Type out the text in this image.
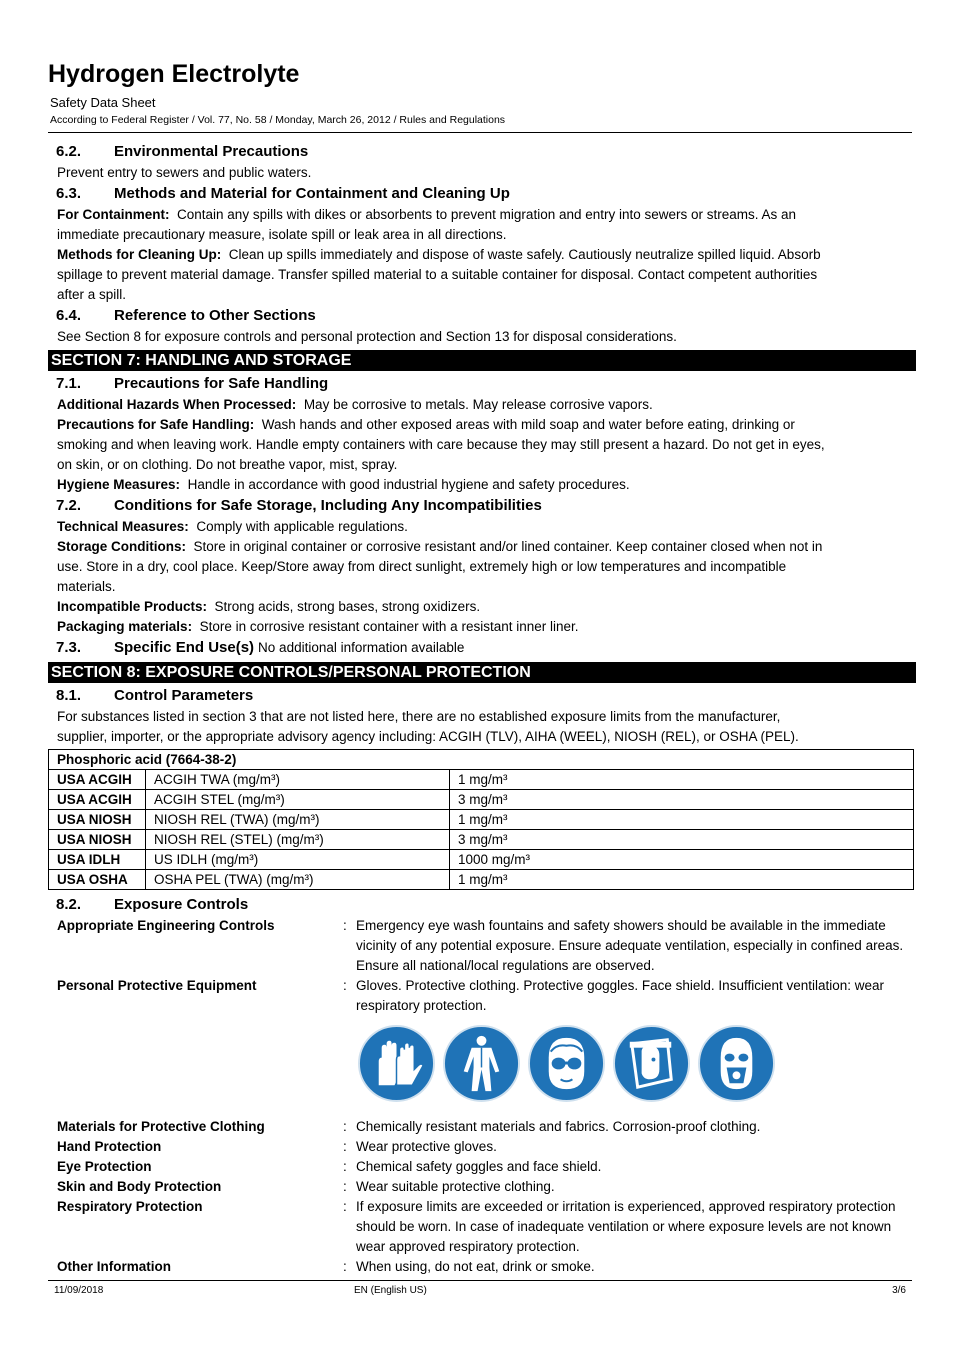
Hydrogen Electrolyte
Safety Data Sheet
According to Federal Register / Vol. 77, No. 58 / Monday, March 26, 2012 / Rules and Regulations
6.2. Environmental Precautions
Prevent entry to sewers and public waters.
6.3. Methods and Material for Containment and Cleaning Up
For Containment: Contain any spills with dikes or absorbents to prevent migration and entry into sewers or streams. As an
immediate precautionary measure, isolate spill or leak area in all directions.
Methods for Cleaning Up: Clean up spills immediately and dispose of waste safely. Cautiously neutralize spilled liquid. Absorb
spillage to prevent material damage. Transfer spilled material to a suitable container for disposal. Contact competent authorities
after a spill.
6.4. Reference to Other Sections
See Section 8 for exposure controls and personal protection and Section 13 for disposal considerations.
SECTION 7: HANDLING AND STORAGE
7.1. Precautions for Safe Handling
Additional Hazards When Processed: May be corrosive to metals. May release corrosive vapors.
Precautions for Safe Handling: Wash hands and other exposed areas with mild soap and water before eating, drinking or
smoking and when leaving work. Handle empty containers with care because they may still present a hazard. Do not get in eyes,
on skin, or on clothing. Do not breathe vapor, mist, spray.
Hygiene Measures: Handle in accordance with good industrial hygiene and safety procedures.
7.2. Conditions for Safe Storage, Including Any Incompatibilities
Technical Measures: Comply with applicable regulations.
Storage Conditions: Store in original container or corrosive resistant and/or lined container. Keep container closed when not in
use. Store in a dry, cool place. Keep/Store away from direct sunlight, extremely high or low temperatures and incompatible
materials.
Incompatible Products: Strong acids, strong bases, strong oxidizers.
Packaging materials: Store in corrosive resistant container with a resistant inner liner.
7.3. Specific End Use(s) No additional information available
SECTION 8: EXPOSURE CONTROLS/PERSONAL PROTECTION
8.1. Control Parameters
For substances listed in section 3 that are not listed here, there are no established exposure limits from the manufacturer,
supplier, importer, or the appropriate advisory agency including: ACGIH (TLV), AIHA (WEEL), NIOSH (REL), or OSHA (PEL).
Phosphoric acid (7664-38-2)		
USA ACGIH	ACGIH TWA (mg/m³)	1 mg/m³
USA ACGIH	ACGIH STEL (mg/m³)	3 mg/m³
USA NIOSH	NIOSH REL (TWA) (mg/m³)	1 mg/m³
USA NIOSH	NIOSH REL (STEL) (mg/m³)	3 mg/m³
USA IDLH	US IDLH (mg/m³)	1000 mg/m³
USA OSHA	OSHA PEL (TWA) (mg/m³)	1 mg/m³
8.2. Exposure Controls
Appropriate Engineering Controls	: Emergency eye wash fountains and safety showers should be available in the immediate vicinity of any potential exposure. Ensure adequate ventilation, especially in confined areas. Ensure all national/local regulations are observed.
Personal Protective Equipment	: Gloves. Protective clothing. Protective goggles. Face shield. Insufficient ventilation: wear respiratory protection.
Materials for Protective Clothing	: Chemically resistant materials and fabrics. Corrosion-proof clothing.
Hand Protection	: Wear protective gloves.
Eye Protection	: Chemical safety goggles and face shield.
Skin and Body Protection	: Wear suitable protective clothing.
Respiratory Protection	: If exposure limits are exceeded or irritation is experienced, approved respiratory protection should be worn. In case of inadequate ventilation or where exposure levels are not known wear approved respiratory protection.
Other Information	: When using, do not eat, drink or smoke.
11/09/2018	EN (English US)	3/6
